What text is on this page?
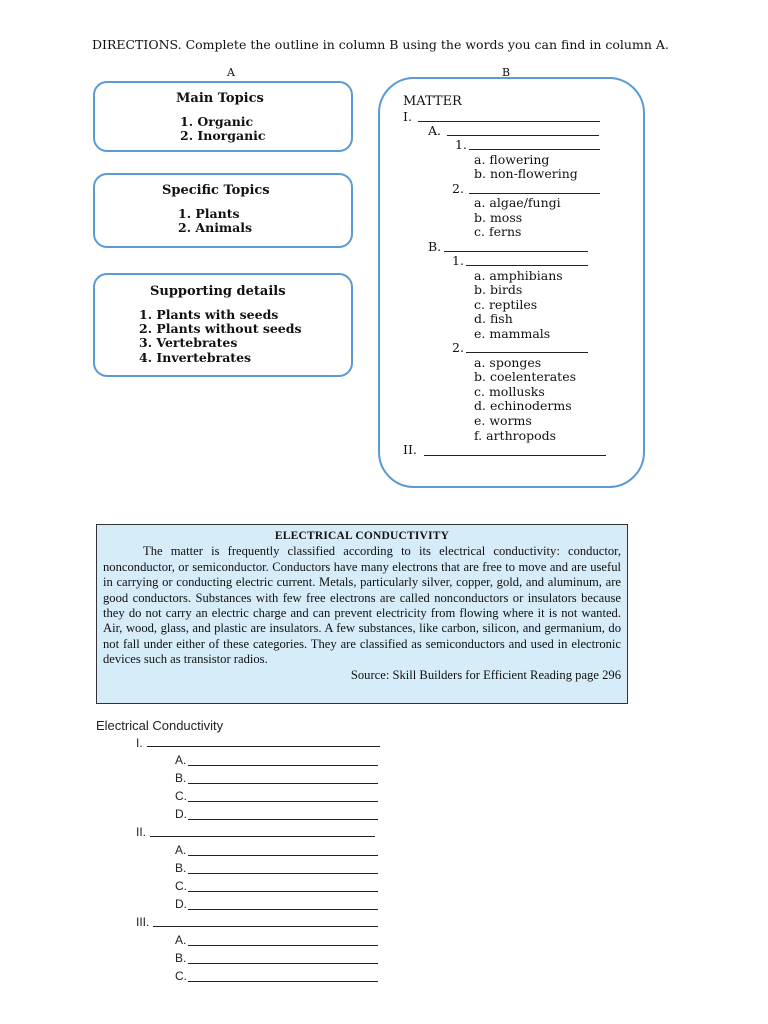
DIRECTIONS. Complete the outline in column B using the words you can find in column A.
A	B
Main Topics
1. Organic
2. Inorganic
Specific Topics
1. Plants
2. Animals
Supporting details
1. Plants with seeds
2. Plants without seeds
3. Vertebrates
4. Invertebrates
MATTER
I.
A.
1.
a. flowering
b. non-flowering
2.
a. algae/fungi
b. moss
c. ferns
B.
1.
a. amphibians
b. birds
c. reptiles
d. fish
e. mammals
2.
a. sponges
b. coelenterates
c. mollusks
d. echinoderms
e. worms
f. arthropods
II.
ELECTRICAL CONDUCTIVITY

The matter is frequently classified according to its electrical conductivity: conductor, nonconductor, or semiconductor. Conductors have many electrons that are free to move and are useful in carrying or conducting electric current. Metals, particularly silver, copper, gold, and aluminum, are good conductors. Substances with few free electrons are called nonconductors or insulators because they do not carry an electric charge and can prevent electricity from flowing where it is not wanted. Air, wood, glass, and plastic are insulators. A few substances, like carbon, silicon, and germanium, do not fall under either of these categories. They are classified as semiconductors and used in electronic devices such as transistor radios.

Source: Skill Builders for Efficient Reading page 296

Electrical Conductivity
I.
A.
B.
C.
D.
II.
A.
B.
C.
D.
III.
A.
B.
C.
